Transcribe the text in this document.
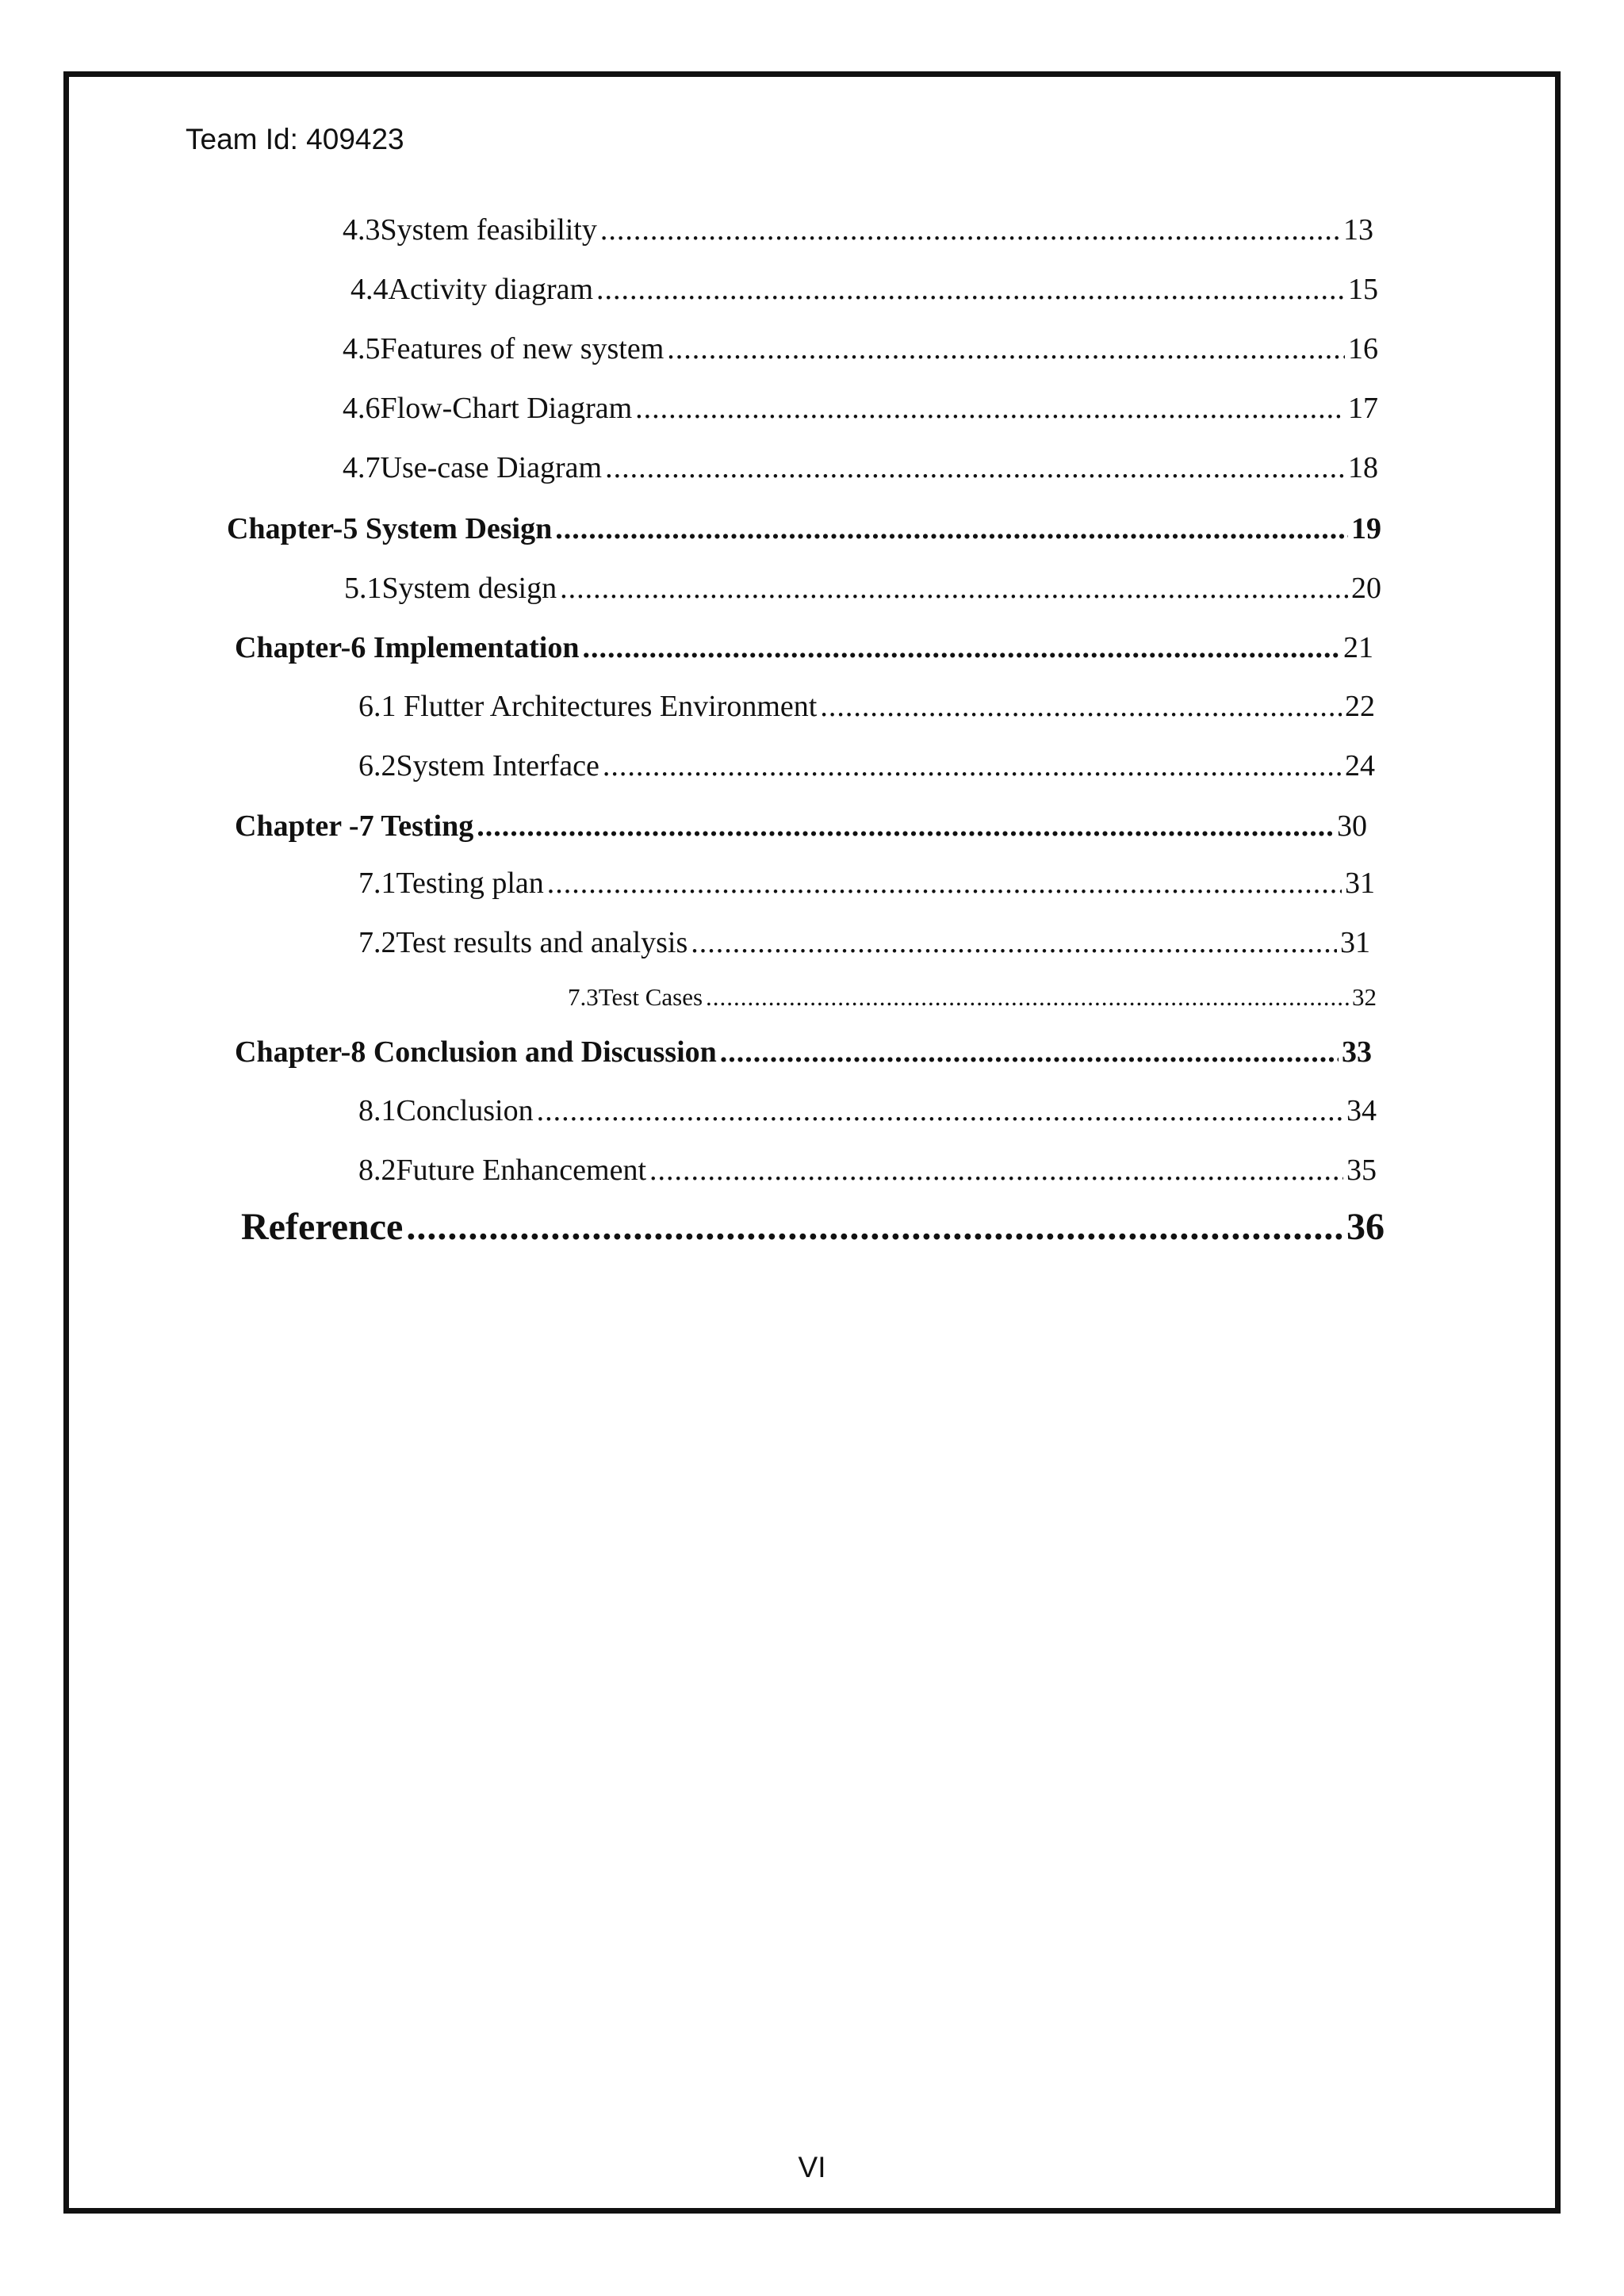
Team Id: 409423
4.3System feasibility .....	13
4.4Activity diagram .....	15
4.5Features of new system .....	16
4.6Flow-Chart Diagram .....	17
4.7Use-case Diagram .....	18
Chapter-5 System Design .....	19
5.1System design .....	20
Chapter-6 Implementation .....	21
6.1 Flutter Architectures Environment .....	22
6.2System Interface .....	24
Chapter -7 Testing .....	30
7.1Testing plan .....	31
7.2Test results and analysis .....	31
7.3Test Cases .....	32
Chapter-8 Conclusion and Discussion .....	33
8.1Conclusion .....	34
8.2Future Enhancement .....	35
Reference .....	36
VI
